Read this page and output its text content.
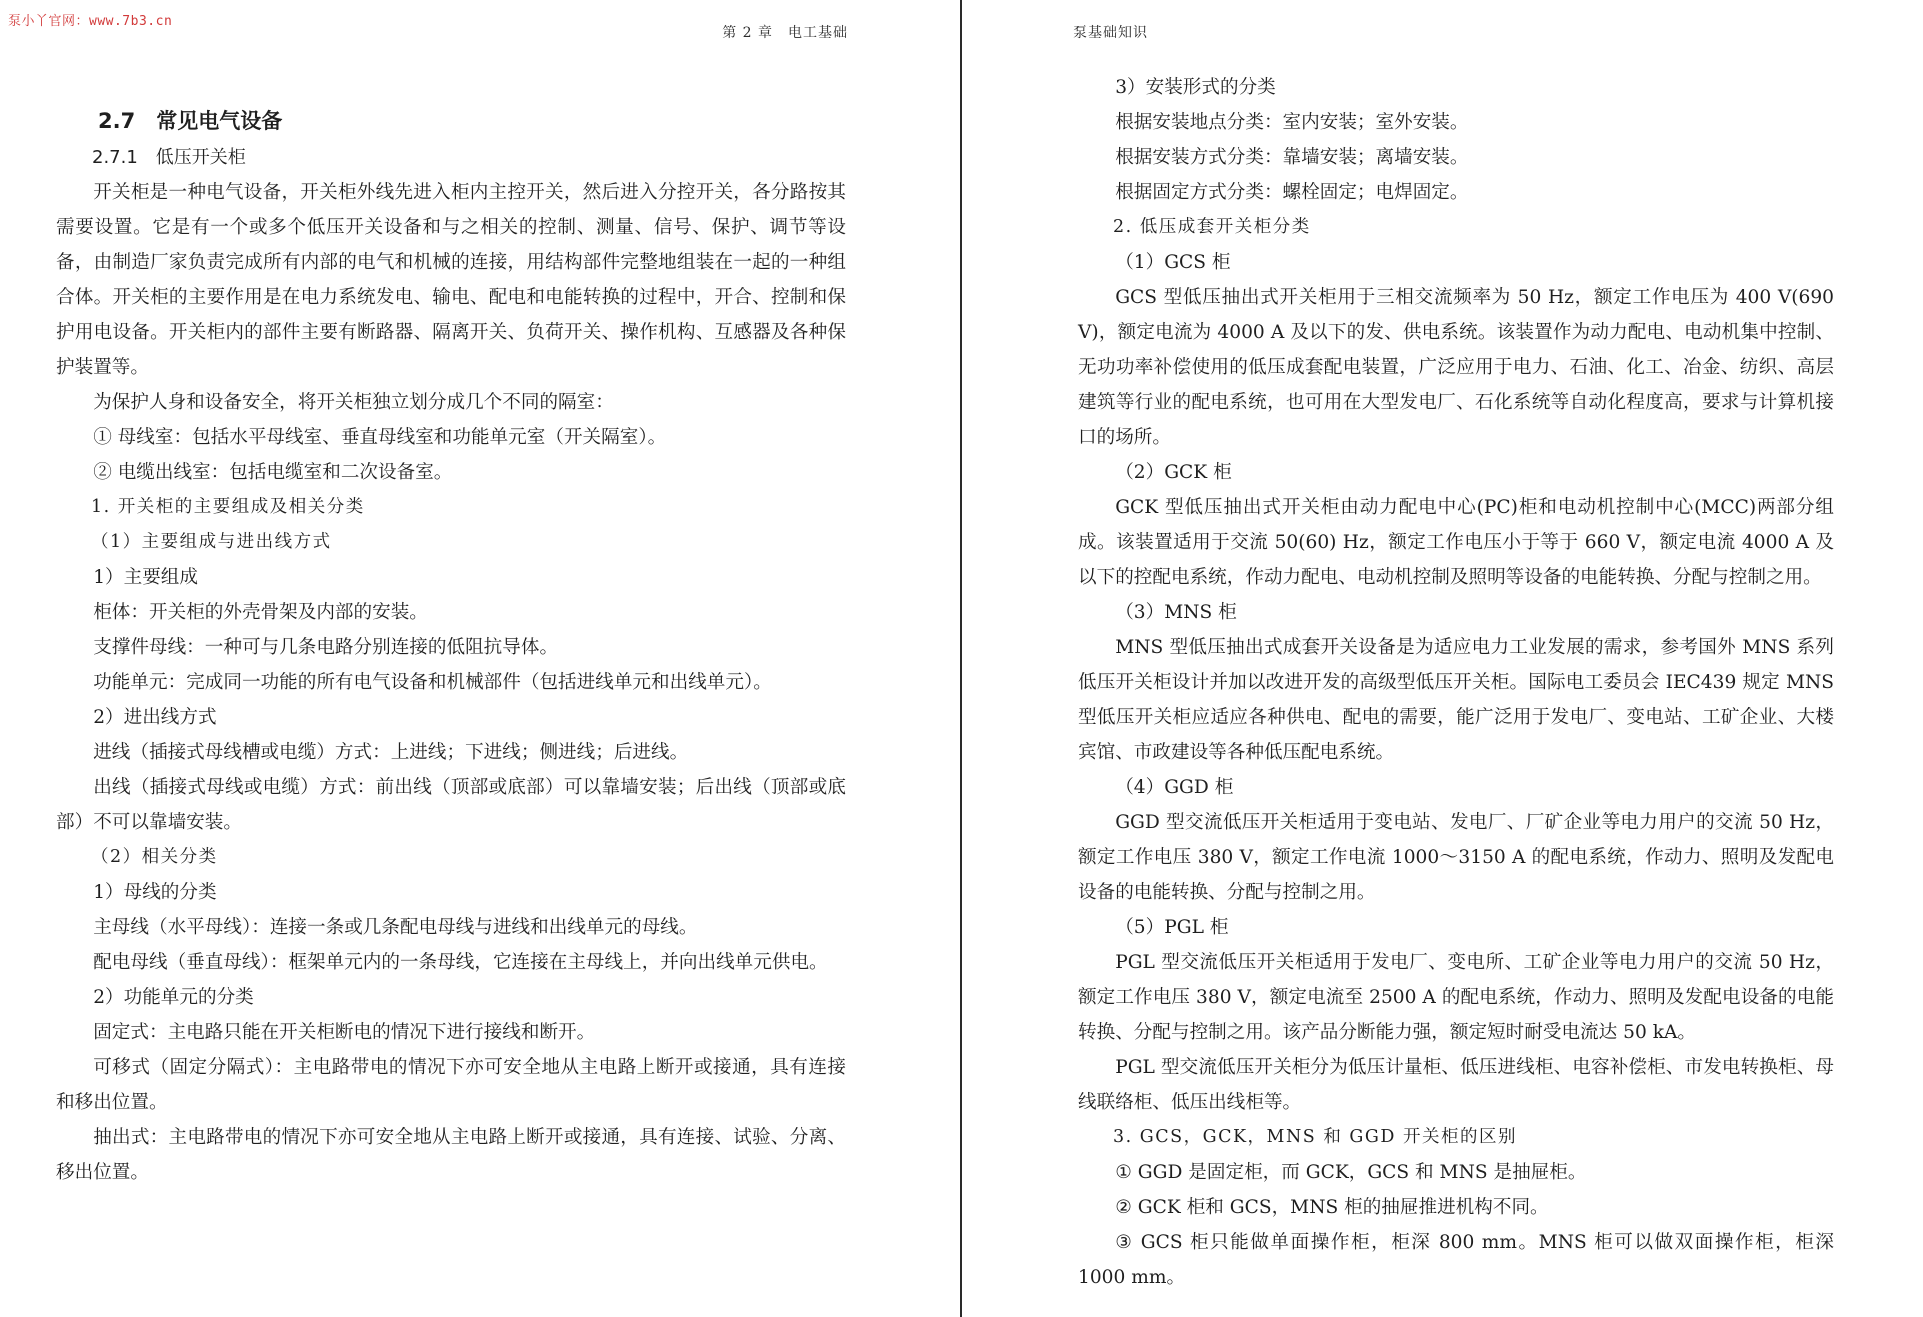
泵小丫官网：www.7b3.cn
第 2 章　电工基础

2.7　常见电气设备

2.7.1　低压开关柜

开关柜是一种电气设备，开关柜外线先进入柜内主控开关，然后进入分控开关，各分路按其需要设置。它是有一个或多个低压开关设备和与之相关的控制、测量、信号、保护、调节等设备，由制造厂家负责完成所有内部的电气和机械的连接，用结构部件完整地组装在一起的一种组合体。开关柜的主要作用是在电力系统发电、输电、配电和电能转换的过程中，开合、控制和保护用电设备。开关柜内的部件主要有断路器、隔离开关、负荷开关、操作机构、互感器及各种保护装置等。

为保护人身和设备安全，将开关柜独立划分成几个不同的隔室：

① 母线室：包括水平母线室、垂直母线室和功能单元室（开关隔室）。

② 电缆出线室：包括电缆室和二次设备室。

1. 开关柜的主要组成及相关分类

（1）主要组成与进出线方式

1）主要组成

柜体：开关柜的外壳骨架及内部的安装。

支撑件母线：一种可与几条电路分别连接的低阻抗导体。

功能单元：完成同一功能的所有电气设备和机械部件（包括进线单元和出线单元）。

2）进出线方式

进线（插接式母线槽或电缆）方式：上进线；下进线；侧进线；后进线。

出线（插接式母线或电缆）方式：前出线（顶部或底部）可以靠墙安装；后出线（顶部或底部）不可以靠墙安装。

（2）相关分类

1）母线的分类

主母线（水平母线）：连接一条或几条配电母线与进线和出线单元的母线。

配电母线（垂直母线）：框架单元内的一条母线，它连接在主母线上，并向出线单元供电。

2）功能单元的分类

固定式：主电路只能在开关柜断电的情况下进行接线和断开。

可移式（固定分隔式）：主电路带电的情况下亦可安全地从主电路上断开或接通，具有连接和移出位置。

抽出式：主电路带电的情况下亦可安全地从主电路上断开或接通，具有连接、试验、分离、移出位置。

泵基础知识

3）安装形式的分类

根据安装地点分类：室内安装；室外安装。

根据安装方式分类：靠墙安装；离墙安装。

根据固定方式分类：螺栓固定；电焊固定。

2. 低压成套开关柜分类

（1）GCS 柜

GCS 型低压抽出式开关柜用于三相交流频率为 50 Hz，额定工作电压为 400 V(690 V)，额定电流为 4000 A 及以下的发、供电系统。该装置作为动力配电、电动机集中控制、无功功率补偿使用的低压成套配电装置，广泛应用于电力、石油、化工、冶金、纺织、高层建筑等行业的配电系统，也可用在大型发电厂、石化系统等自动化程度高，要求与计算机接口的场所。

（2）GCK 柜

GCK 型低压抽出式开关柜由动力配电中心(PC)柜和电动机控制中心(MCC)两部分组成。该装置适用于交流 50(60) Hz，额定工作电压小于等于 660 V，额定电流 4000 A 及以下的控配电系统，作动力配电、电动机控制及照明等设备的电能转换、分配与控制之用。

（3）MNS 柜

MNS 型低压抽出式成套开关设备是为适应电力工业发展的需求，参考国外 MNS 系列低压开关柜设计并加以改进开发的高级型低压开关柜。国际电工委员会 IEC439 规定 MNS 型低压开关柜应适应各种供电、配电的需要，能广泛用于发电厂、变电站、工矿企业、大楼宾馆、市政建设等各种低压配电系统。

（4）GGD 柜

GGD 型交流低压开关柜适用于变电站、发电厂、厂矿企业等电力用户的交流 50 Hz，额定工作电压 380 V，额定工作电流 1000～3150 A 的配电系统，作动力、照明及发配电设备的电能转换、分配与控制之用。

（5）PGL 柜

PGL 型交流低压开关柜适用于发电厂、变电所、工矿企业等电力用户的交流 50 Hz，额定工作电压 380 V，额定电流至 2500 A 的配电系统，作动力、照明及发配电设备的电能转换、分配与控制之用。该产品分断能力强，额定短时耐受电流达 50 kA。

PGL 型交流低压开关柜分为低压计量柜、低压进线柜、电容补偿柜、市发电转换柜、母线联络柜、低压出线柜等。

3. GCS，GCK，MNS 和 GGD 开关柜的区别

① GGD 是固定柜，而 GCK，GCS 和 MNS 是抽屉柜。

② GCK 柜和 GCS，MNS 柜的抽屉推进机构不同。

③ GCS 柜只能做单面操作柜，柜深 800 mm。MNS 柜可以做双面操作柜，柜深 1000 mm。
